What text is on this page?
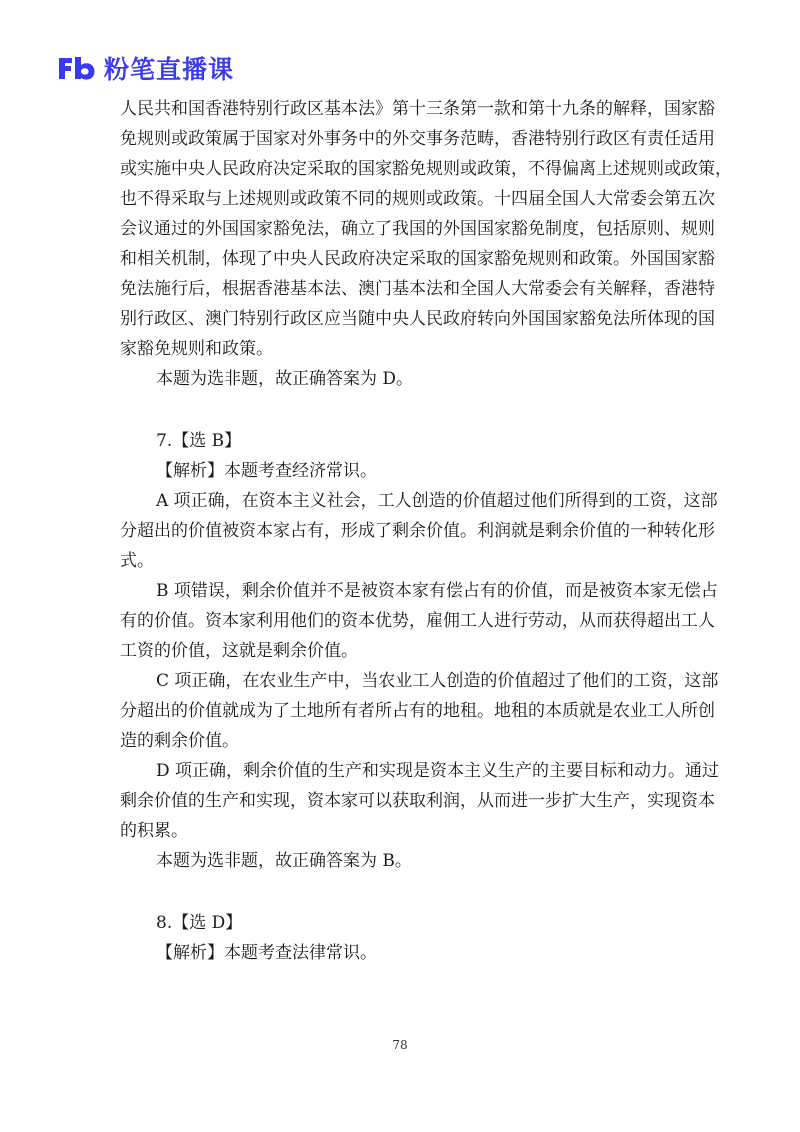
粉笔直播课
人民共和国香港特别行政区基本法》第十三条第一款和第十九条的解释，国家豁
免规则或政策属于国家对外事务中的外交事务范畴，香港特别行政区有责任适用
或实施中央人民政府决定采取的国家豁免规则或政策，不得偏离上述规则或政策，
也不得采取与上述规则或政策不同的规则或政策。十四届全国人大常委会第五次
会议通过的外国国家豁免法，确立了我国的外国国家豁免制度，包括原则、规则
和相关机制，体现了中央人民政府决定采取的国家豁免规则和政策。外国国家豁
免法施行后，根据香港基本法、澳门基本法和全国人大常委会有关解释，香港特
别行政区、澳门特别行政区应当随中央人民政府转向外国国家豁免法所体现的国
家豁免规则和政策。
本题为选非题，故正确答案为 D。
7.【选 B】
【解析】本题考查经济常识。
A 项正确，在资本主义社会，工人创造的价值超过他们所得到的工资，这部
分超出的价值被资本家占有，形成了剩余价值。利润就是剩余价值的一种转化形
式。
B 项错误，剩余价值并不是被资本家有偿占有的价值，而是被资本家无偿占
有的价值。资本家利用他们的资本优势，雇佣工人进行劳动，从而获得超出工人
工资的价值，这就是剩余价值。
C 项正确，在农业生产中，当农业工人创造的价值超过了他们的工资，这部
分超出的价值就成为了土地所有者所占有的地租。地租的本质就是农业工人所创
造的剩余价值。
D 项正确，剩余价值的生产和实现是资本主义生产的主要目标和动力。通过
剩余价值的生产和实现，资本家可以获取利润，从而进一步扩大生产，实现资本
的积累。
本题为选非题，故正确答案为 B。
8.【选 D】
【解析】本题考查法律常识。
78
